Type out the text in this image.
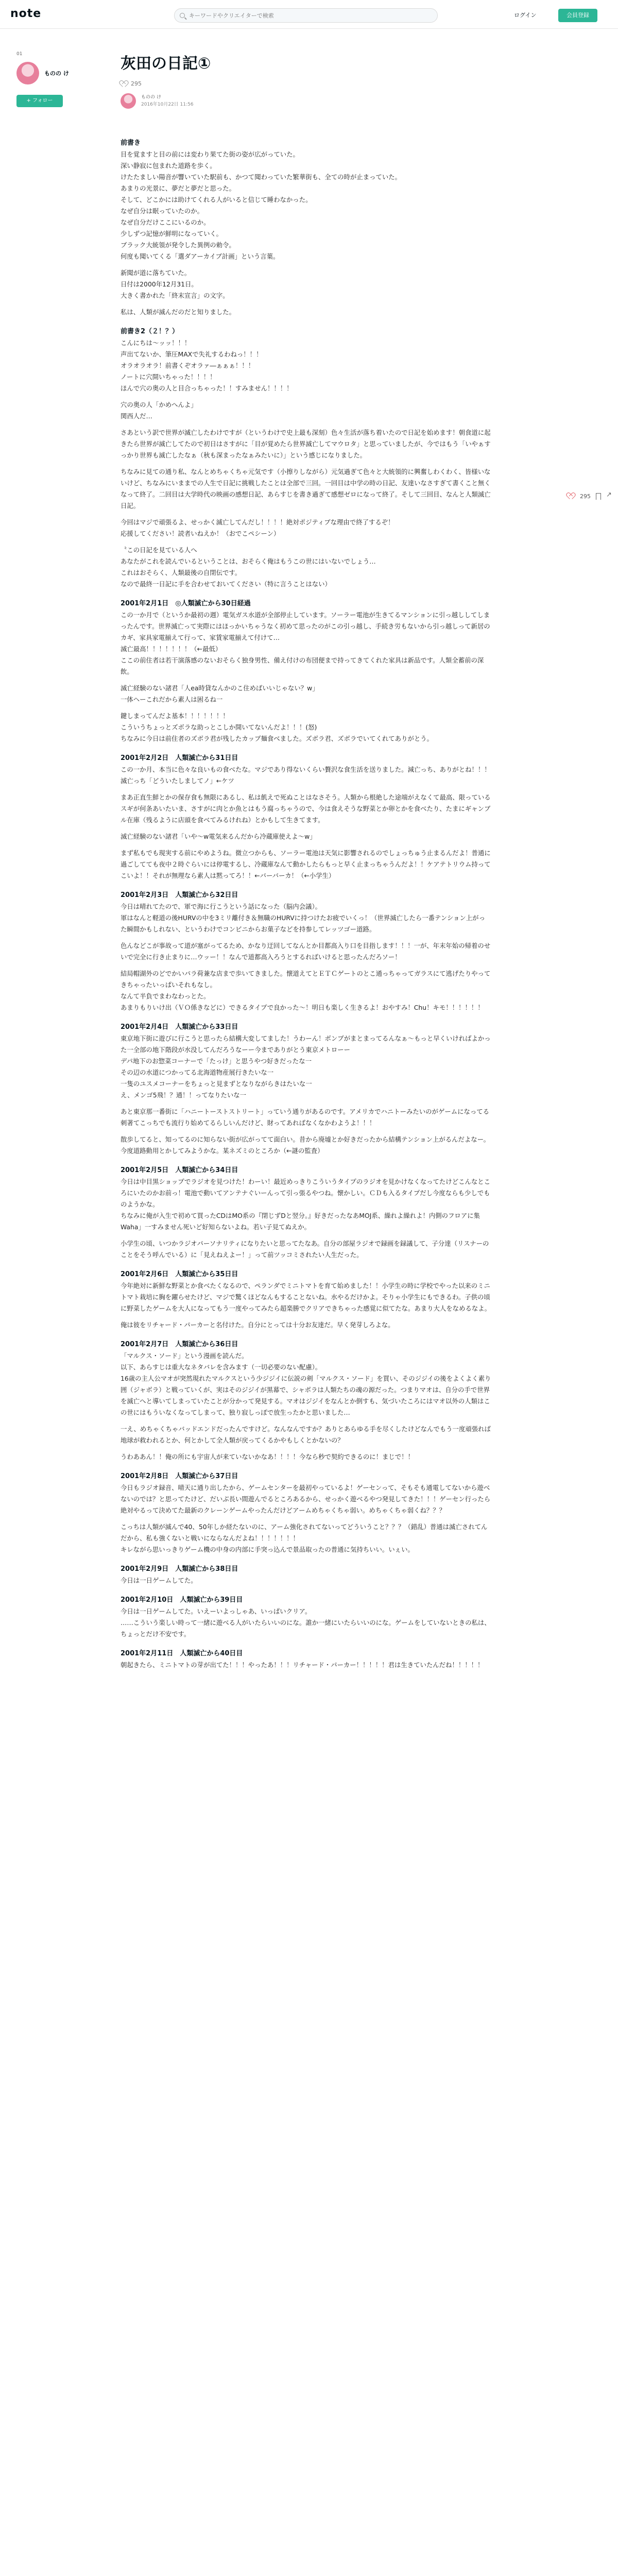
note
キーワードやクリエイターで検索	ログイン	会員登録
01
ものの け
+ フォロー
灰田の日記①
295
ものの け
2016年10月22日 11:56
前書き

目を覚ますと目の前には変わり果てた街の姿が広がっていた。
深い静寂に包まれた道路を歩く。
けたたましい陽音が響いていた駅前も、かつて聞わっていた繁華街も、全ての時が止まっていた。
あまりの光景に、夢だと夢だと思った。
そして、どこかには助けてくれる人がいると信じて睡わなかった。
なぜ自分は眠っていたのか。
なぜ自分だけここにいるのか。
少しずつ記憶が鮮明になっていく。
ブラック大統領が発令した異例の勅令。
何度も聞いてくる「選ダアーカイブ計画」という言葉。

新聞が道に落ちていた。
日付は2000年12月31日。
大きく書かれた「終末宣言」の文字。

私は、人類が滅んだのだと知りました。

前書き2（２！？）

こんにちは〜ッッ！！！
声出てないか、筆圧MAXで失礼するわねっ！！！
オラオラオラ！前書くぞオラァ―ぁぁぁ！！！
ノートに穴開いちゃった！！！！
ほんで穴の奥の人と目合っちゃった！！すみません！！！！

穴の奥の人「かめへんよ」
関西人だ…

さあという訳で世界が滅亡したわけですが（というわけで史上最も深刻）色々生活が落ち着いたので日記を始めます！朝食道に起きたら世界が滅亡してたので初日はさすがに「目が覚めたら世界滅亡してマウロタ」と思っていましたが、今ではもう「いやぁすっかり世界も滅亡したなぁ（秋も深まったなぁみたいに）」という感じになりました。

ちなみに見ての通り私、なんとめちゃくちゃ元気です（小擦りしながら）元気過ぎて色々と大統領的に興奮しわくわく、皆様いないけど、ちなみにいままでの人生で日記に挑戦したことは全部で三回。一回目は中学の時の日記、友達いなさすぎて書くこと無くなって終了。二回目は大学時代の映画の感想日記、あらすじを書き過ぎて感想ゼロになって終了。そして三回目、なんと人類滅亡日記。

今回はマジで頑張るよ、せっかく滅亡してんだし！！！！絶対ポジティブな理由で終了するぞ！
応援してください！読者いねえか！（おでこペシーン）

〝この日記を見ている人へ
あなたがこれを読んでいるということは、おそらく俺はもうこの世にはいないでしょう…
これはおそらく、人類最後の自閉伝です。
なので最終一日記に手を合わせておいてください（特に言うことはない）

2001年2月1日　◎人類滅亡から30日経過

この一か月で（というか最初の週）電気ガス水道が全部停止しています。ソーラー電池が生きてるマンションに引っ越ししてしまったんです。世界滅亡って実際にはほっかいちゃうなく初めて思ったのがこの引っ越し、手続き労もないから引っ越しって新居のカギ、家具家電揃えて行って、家賃家電揃えて付けて…
滅亡最高！！！！！！！（←最低）
ここの前住者は若干演落感のないおそらく独身男性、備え付けの布団便まで持ってきてくれた家具は新品です。人類全蓄前の深飲。

滅亡経験のない諸君「人ea時貸なんかのこ住めばいいじゃない？w」
一体ヘーこれだから素人は困るね一

鍵しまってんだよ基本！！！！！！！
こういうちょっとズボラな助っとこしか開いてないんだよ！！！(怒)
ちなみに今日は前住者のズボラ君が残したカップ麺食べました。ズボラ君、ズボラでいてくれてありがとう。

2001年2月2日　人類滅亡から31日目

この一か月、本当に色々な良いもの食べたな。マジであり得ないくらい贅沢な食生活を送りました。減亡っち、ありがとね！！！
滅亡っち「どういたしましてノ」←ケツ

まあ正直生鮮とかの保存食も無限にあるし、私は飢えで死ぬことはなさそう。人類から根絶した途端がえなくて最高、限っているスギが何条あいたいま、さすがに肉とか魚とはもう腐っちゃうので、今は食えそうな野菜とか卵とかを食べたり、たまにギャンブル在庫（残るように店頭を食べてみるけれね）とかもして生きてます。

滅亡経験のない諸君「いや〜w電気来るんだから冷蔵庫使えよ〜w」

まず私もでも現実する前にやめようね。微立つからも、ソーラー電池は天気に影響されるのでしょっちゅう止まるんだよ！普通に過ごしてても夜中２時ぐらいには停電するし、冷蔵庫なんて動かしたらもっと早く止まっちゃうんだよ！！ケアテトリウム持ってこいよ！！それが無理なら素人は黙ってろ！！←バーバーカ！（←小学生）

2001年2月3日　人類滅亡から32日目

今日は晴れてたので、軍で海に行こうという話になった（脳内会議）。
軍はなんと軽道の後HURVの中を3ミリ離付き＆無職のHURVに持つけたお疲でいくっ！（世界滅亡したら一番テンション上がった瞬間かもしれない、というわけでコンビニからお菓子などを持参してレッツゴー道路。

色んなどこが事故って道が塞がってるため、かなり迂回してなんとか目都高入り口を目指します！！！一が、年末年始の帰着のせいで完全に行き止まりに…ウッー！！なんで道都高入ろうとするればいけると思ったんだろソー！

結局帽湖外のどでかいパラ荷兼な店まで歩いてきました。懐道えてとＥＴＣゲートのとこ通っちゃってガラスにて逃げたりやってきちゃったいっぱいそれもなし。
なんて半負でまわなわっとた。
あまりもりいけ出（ＶＯ係きなどに）できるタイプで良かった〜！明日も楽しく生きるよ！おやすみ！Chu！キモ！！！！！！

2001年2月4日　人類滅亡から33日目

東京地下街に遊びに行こうと思ったら結構大変してました！うわーん！ボンプがまとまってるんなぁ〜もっと早くいければよかった一全部の地下階段が水没してんだろうなーー今までありがとう東京メトローー
デパ地下のお惣菜コーナーで「たっけ」と思うやつ好きだったな一
その辺の水道につかってる北海道物産展行きたいな一
一隻のユスメコーナーをちょっと見まずとなりながらきはたいな一
え、メンゴ5飛！？通！！ってなりたいな一

あと東京那一番街に「ハニートーストストリート」っていう通りがあるのです。アメリカでハニトーみたいのがゲームになってる刺著てこっちでも流行り始めてるらしいんだけど、財ってあればなくなかわようよ！！！

散歩してると、知ってるのに知らない街が広がってて面白い。昔から廃墟とか好きだったから結構テンション上がるんだよなー。今度道路動用とかしてみようかな。某ネズミのところか（←謎の監査）

2001年2月5日　人類滅亡から34日目

今日は中目黒ショップでラジオを見つけた！わーい！最近めっきりこういうタイプのラジオを見かけなくなってたけどこんなところにいたのかお前っ！電池で動いてアンテナぐいーんって引っ張るやつね。懐かしい。ＣＤも入るタイプだし今度ならも少しでものようかな。
ちなみに俺が入生で初めて買ったCDはMO系の『閉じずDと翌分。』好きだったなあMOJ系、繰れよ繰れよ！内側のフロアに集Waha」一すみません死いど好知らないよね。若い子見てぬえか。

小学生の頃、いつかラジオパーソナリティになりたいと思ってたなあ。自分の部屋ラジオで録画を録議して、子分達（リスナーのことをそう呼んでいる）に「見えねえよー！」って前ツッコミされたい人生だった。

2001年2月6日　人類滅亡から35日目

今年絶対に新鮮な野菜とか食べたくなるので、ペランダでミニトマトを育て始めました！！小学生の時に学校でやった以来のミニトマト栽培に胸を躍らせたけど、マジで驚くほどなんもすることないね。水やるだけかよ。そりゃ小学生にもできるわ。子供の頃に野菜したゲームを大人になってもう一度やってみたら超楽勝でクリアできちゃった感覚に似てたな。あまり大人をなめるなよ。

俺は彼をリチャード・パーカーと名付けた。自分にとっては十分お友達だ。早く発芽しろよな。

2001年2月7日　人類滅亡から36日目

「マルクス・ソード」という漫画を読んだ。
以下、あらすじは重大なネタバレを含みます（一切必要のない配慮）。
16歳の主人公マオが突然現れたマルクスという少ジジイに伝説の剣「マルクス・ソード」を買い、そのジジイの後をよくよく素り囲（ジャボラ）と戦っていくが、実はそのジジイが黒幕で、シャボラは人類たちの魂の源だった。つまりマオは、自分の手で世界を滅亡へと導いてしまっていたことが分かって発見する。マオはジジイをなんとか倒すも、気づいたころにはマオ以外の人類はこの世にはもういなくなってしまって、独り寂しっぽで放生ったかと思いました…

一え、めちゃくちゃバッドエンドだったんですけど。なんなんですか？ありとあらゆる手を尽くしたけどなんでもう一度頑張れば地球が救われるとか、何とかして全人類が戻ってくるかやもしくとかないの？

うわああん！！俺の所にも宇宙人が来ていないかなあ！！！！今なら秒で契約できるのに！まじで！！

2001年2月8日　人類滅亡から37日目

今日もラジオ録音、晴天に通り出したから、ゲームセンターを最初やっているよ！ゲーセンって、そもそも通電してないから遊べないのでは？と思ってたけど、だいぶ長い間遊んでるところあるから、せっかく遊べるやつ発見してきた！！！ゲーセン行ったら絶対やるって決めてた最新のクレーンゲームやったんだけどアームめちゃくちゃ弱い。めちゃくちゃ弱くね？？？

こっちは人類が滅んで40、50年しか経たないのに、アーム強化されてないってどういうこと？？？（錯乱）普通は滅亡されてんだから、私も強くないと戦いにならなんだよね！！！！！！！
キレながら思いっきりゲーム機の中身の内部に手突っ込んで景品取ったの普通に気持ちいい。いぇい。

2001年2月9日　人類滅亡から38日目

今日は一日ゲームしてた。

2001年2月10日　人類滅亡から39日目

今日は一日ゲームしてた。いえーいよっしゃあ、いっぱいクリア。
……こういう楽しい時って一緒に遊べる人がいたらいいのにな。誰か一緒にいたらいいのにな。ゲームをしていないときの私は、ちょっとだけ不安です。

2001年2月11日　人類滅亡から40日目

朝起きたら、ミニトマトの芽が出てた！！！やったあ！！！リチャード・パーカー！！！！！君は生きていたんだね！！！！！

295
↗
